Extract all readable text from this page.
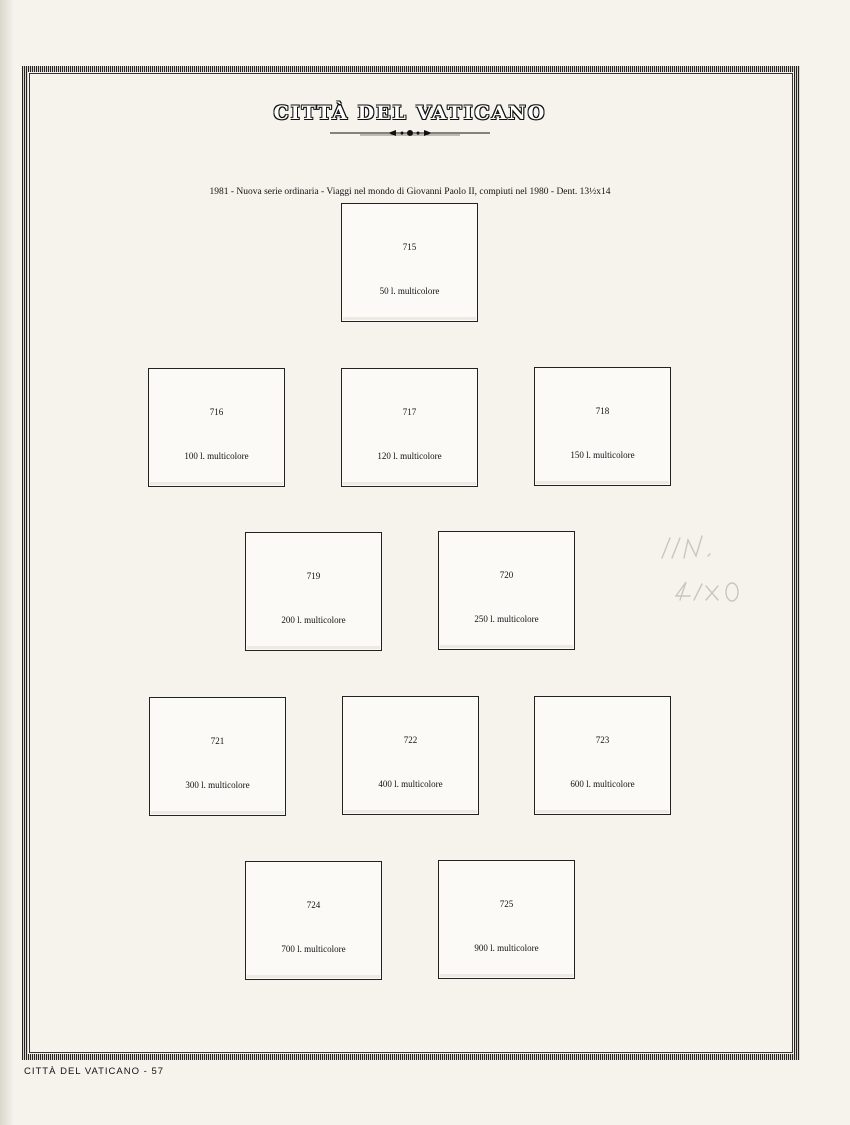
CITTÀ DEL VATICANO
1981 - Nuova serie ordinaria - Viaggi nel mondo di Giovanni Paolo II, compiuti nel 1980 - Dent. 13½x14
715
50 l. multicolore
716
100 l. multicolore
717
120 l. multicolore
718
150 l. multicolore
719
200 l. multicolore
720
250 l. multicolore
721
300 l. multicolore
722
400 l. multicolore
723
600 l. multicolore
724
700 l. multicolore
725
900 l. multicolore
CITTÀ DEL VATICANO - 57
